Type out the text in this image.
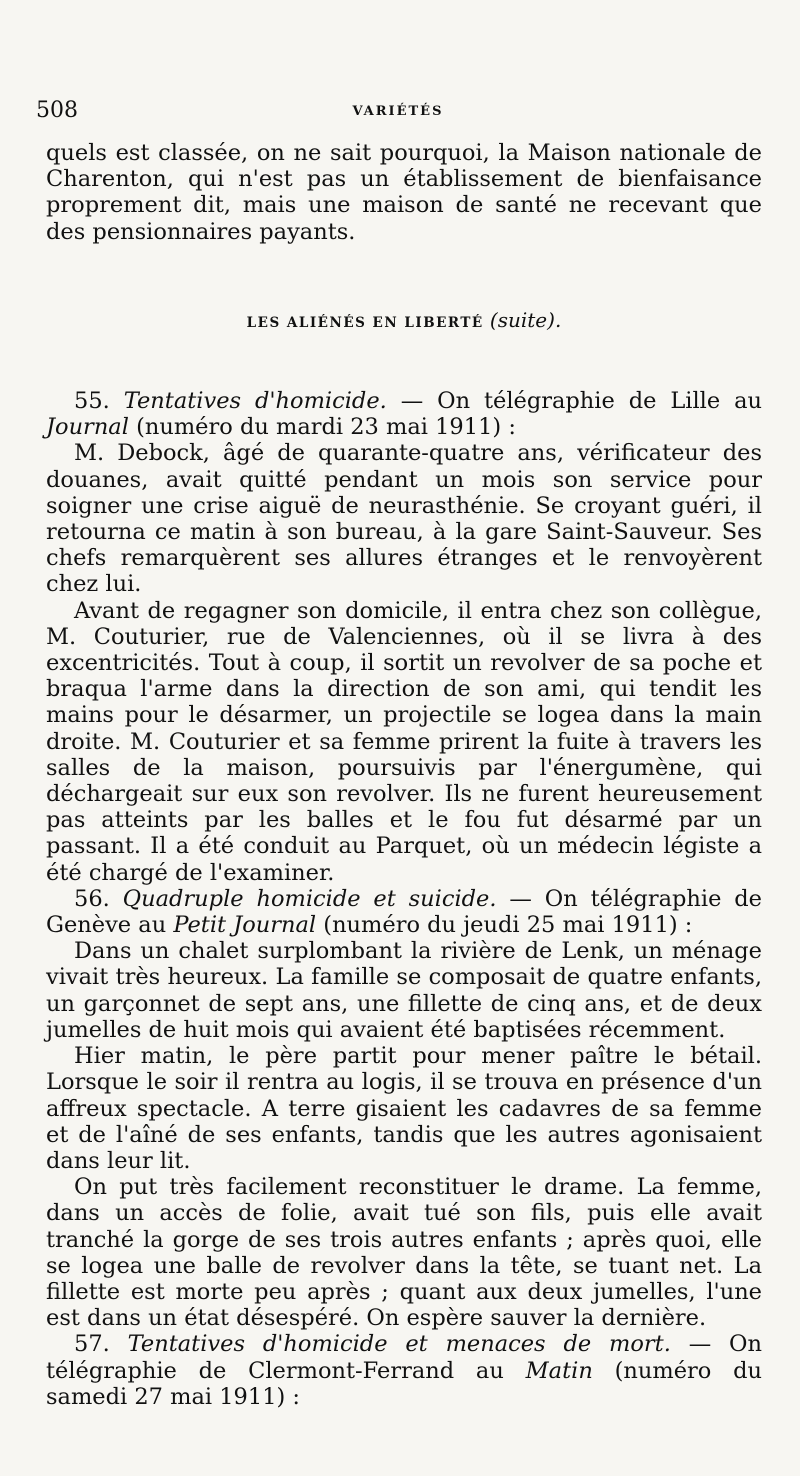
508	VARIÉTÉS

quels est classée, on ne sait pourquoi, la Maison nationale de Charenton, qui n'est pas un établissement de bienfaisance proprement dit, mais une maison de santé ne recevant que des pensionnaires payants.

LES ALIÉNÉS EN LIBERTÉ (suite).

55. Tentatives d'homicide. — On télégraphie de Lille au Journal (numéro du mardi 23 mai 1911) :

M. Debock, âgé de quarante-quatre ans, vérificateur des douanes, avait quitté pendant un mois son service pour soigner une crise aiguë de neurasthénie. Se croyant guéri, il retourna ce matin à son bureau, à la gare Saint-Sauveur. Ses chefs remarquèrent ses allures étranges et le renvoyèrent chez lui.

Avant de regagner son domicile, il entra chez son collègue, M. Couturier, rue de Valenciennes, où il se livra à des excentricités. Tout à coup, il sortit un revolver de sa poche et braqua l'arme dans la direction de son ami, qui tendit les mains pour le désarmer, un projectile se logea dans la main droite. M. Couturier et sa femme prirent la fuite à travers les salles de la maison, poursuivis par l'énergumène, qui déchargeait sur eux son revolver. Ils ne furent heureusement pas atteints par les balles et le fou fut désarmé par un passant. Il a été conduit au Parquet, où un médecin légiste a été chargé de l'examiner.

56. Quadruple homicide et suicide. — On télégraphie de Genève au Petit Journal (numéro du jeudi 25 mai 1911) :

Dans un chalet surplombant la rivière de Lenk, un ménage vivait très heureux. La famille se composait de quatre enfants, un garçonnet de sept ans, une fillette de cinq ans, et de deux jumelles de huit mois qui avaient été baptisées récemment.

Hier matin, le père partit pour mener paître le bétail. Lorsque le soir il rentra au logis, il se trouva en présence d'un affreux spectacle. A terre gisaient les cadavres de sa femme et de l'aîné de ses enfants, tandis que les autres agonisaient dans leur lit.

On put très facilement reconstituer le drame. La femme, dans un accès de folie, avait tué son fils, puis elle avait tranché la gorge de ses trois autres enfants ; après quoi, elle se logea une balle de revolver dans la tête, se tuant net. La fillette est morte peu après ; quant aux deux jumelles, l'une est dans un état désespéré. On espère sauver la dernière.

57. Tentatives d'homicide et menaces de mort. — On télégraphie de Clermont-Ferrand au Matin (numéro du samedi 27 mai 1911) :
